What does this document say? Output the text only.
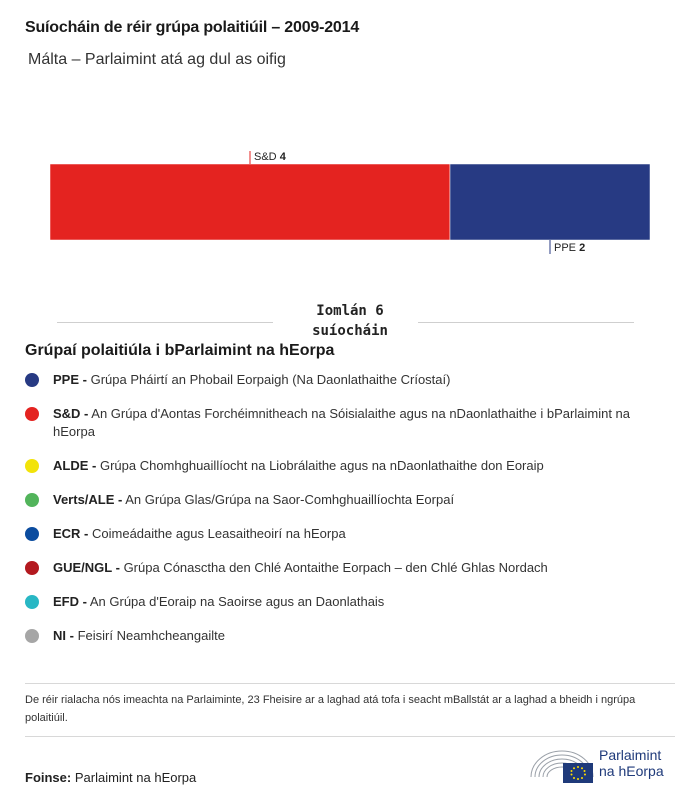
Suíocháin de réir grúpa polaitiúil – 2009-2014
Málta – Parlaimint atá ag dul as oifig
S&D 4
PPE 2
Iomlán 6
suíocháin
Grúpaí polaitiúla i bParlaimint na hEorpa
PPE - Grúpa Pháirtí an Phobail Eorpaigh (Na Daonlathaithe Críostaí)
S&D - An Grúpa d'Aontas Forchéimnitheach na Sóisialaithe agus na nDaonlathaithe i bParlaimint na hEorpa
ALDE - Grúpa Chomhghuaillíocht na Liobrálaithe agus na nDaonlathaithe don Eoraip
Verts/ALE - An Grúpa Glas/Grúpa na Saor-Comhghuaillíochta Eorpaí
ECR - Coimeádaithe agus Leasaitheoirí na hEorpa
GUE/NGL - Grúpa Cónasctha den Chlé Aontaithe Eorpach – den Chlé Ghlas Nordach
EFD - An Grúpa d'Eoraip na Saoirse agus an Daonlathais
NI - Feisirí Neamhcheangailte
De réir rialacha nós imeachta na Parlaiminte, 23 Fheisire ar a laghad atá tofa i seacht mBallstát ar a laghad a bheidh i ngrúpa polaitiúil.
Foinse: Parlaimint na hEorpa
Parlaimint
na hEorpa
